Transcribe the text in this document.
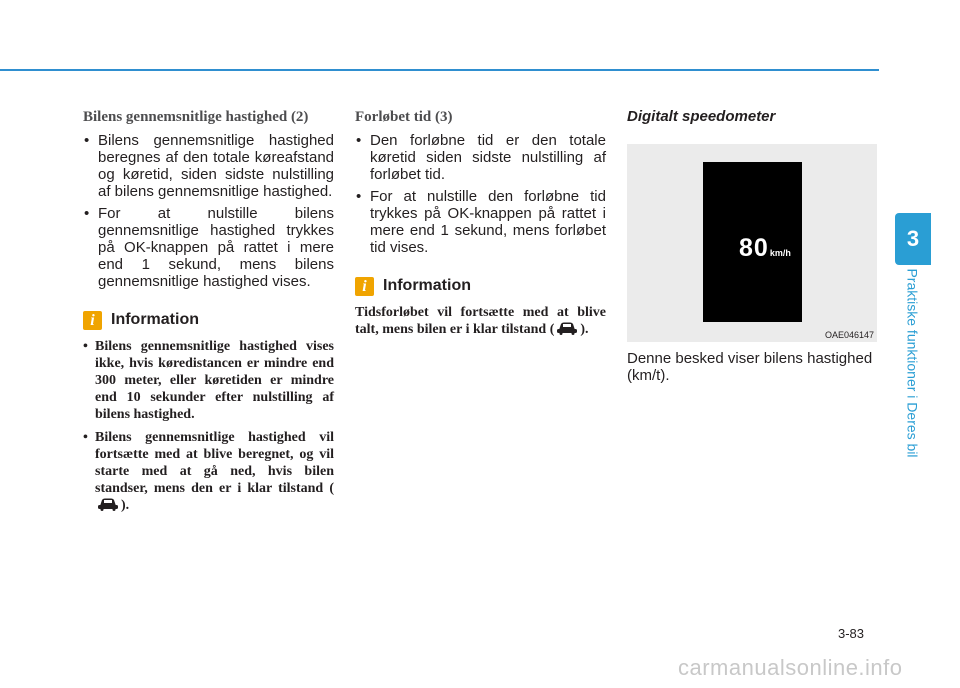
Bilens gennemsnitlige hastighed (2)
• Bilens gennemsnitlige hastighed beregnes af den totale køreafstand og køretid, siden sidste nulstilling af bilens gennemsnitlige hastighed.
• For at nulstille bilens gennemsnitlige hastighed trykkes på OK-knappen på rattet i mere end 1 sekund, mens bilens gennemsnitlige hastighed vises.
i	Information
• Bilens gennemsnitlige hastighed vises ikke, hvis køredistancen er mindre end 300 meter, eller køretiden er mindre end 10 sekunder efter nulstilling af bilens hastighed.
• Bilens gennemsnitlige hastighed vil fortsætte med at blive beregnet, og vil starte med at gå ned, hvis bilen standser, mens den er i klar tilstand ().
Forløbet tid (3)
• Den forløbne tid er den totale køretid siden sidste nulstilling af forløbet tid.
• For at nulstille den forløbne tid trykkes på OK-knappen på rattet i mere end 1 sekund, mens forløbet tid vises.
i	Information

Tidsforløbet vil fortsætte med at blive talt, mens bilen er i klar tilstand ( ).

Digitalt speedometer
80km/h
OAE046147

Denne besked viser bilens hastighed (km/t).

3
Praktiske funktioner i Deres bil
3-83
carmanualsonline.info
